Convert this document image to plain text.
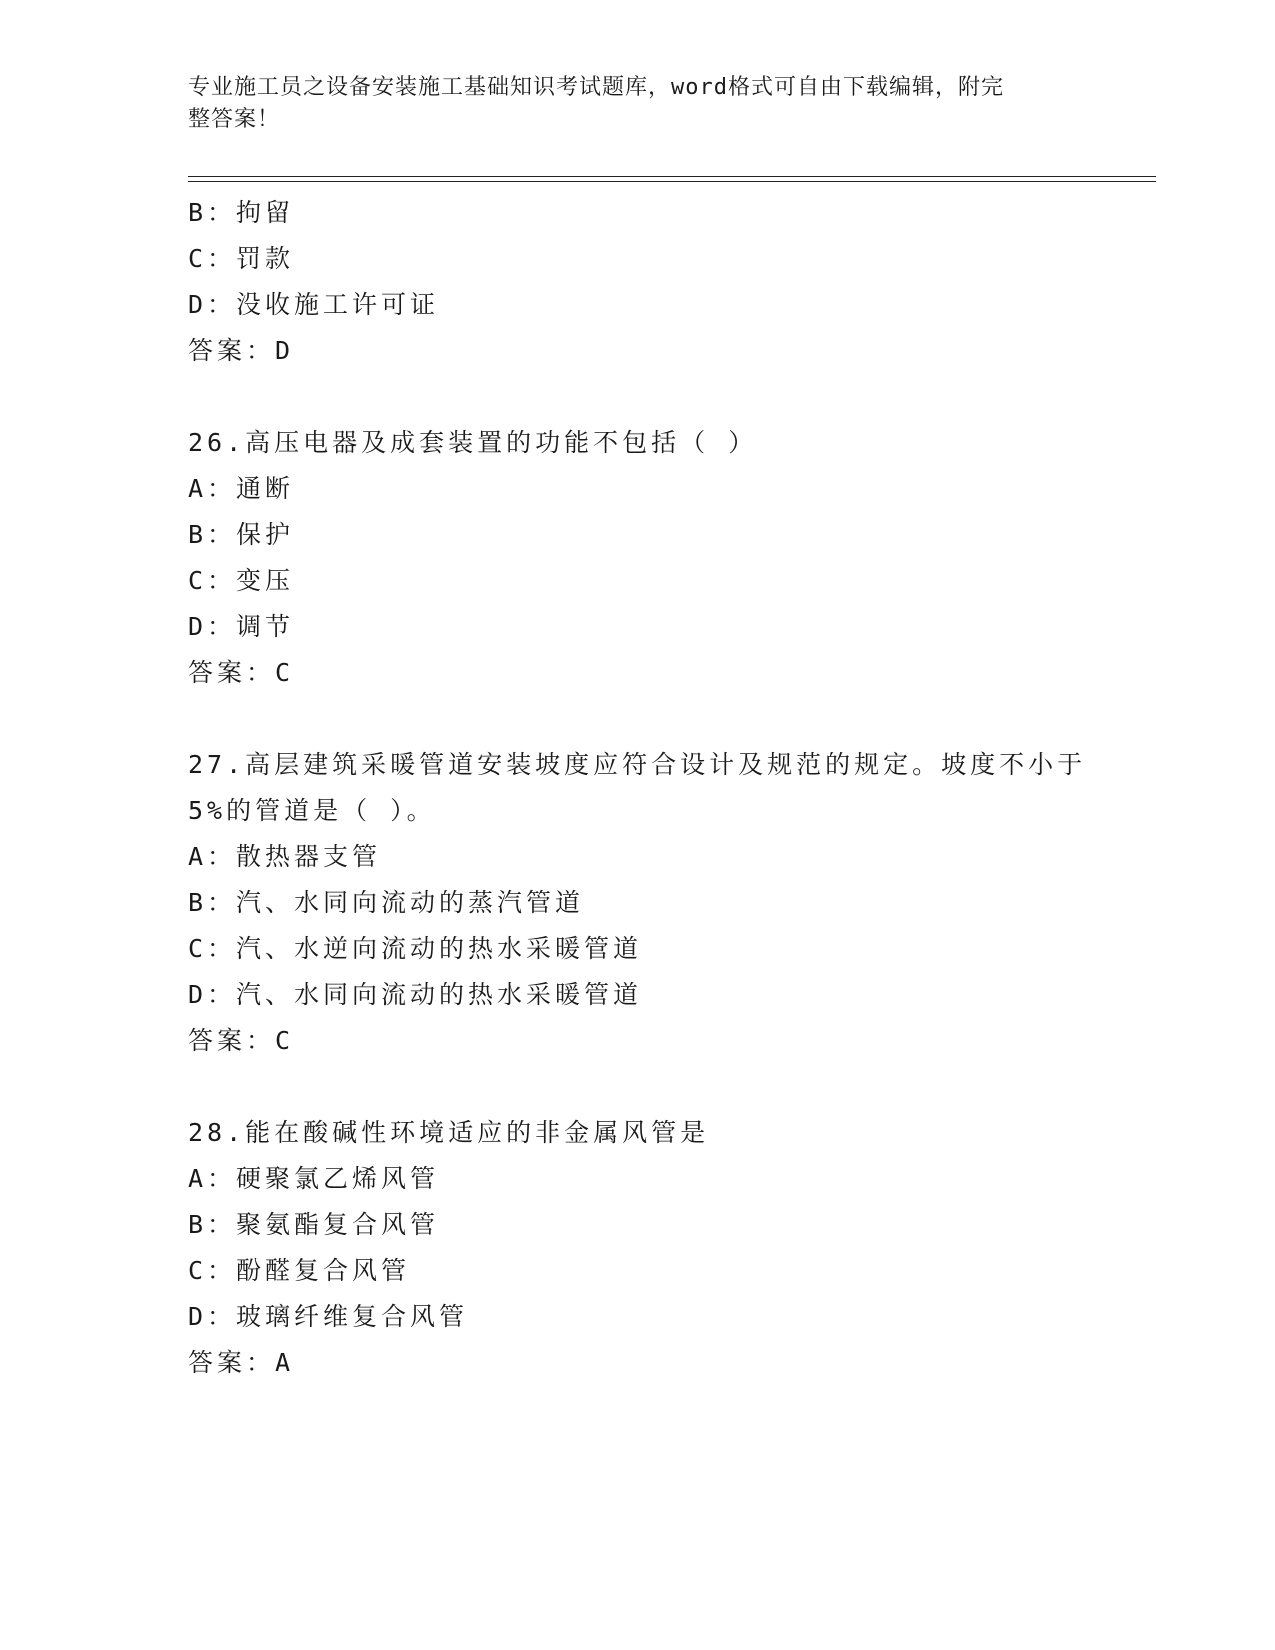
专业施工员之设备安装施工基础知识考试题库，word格式可自由下载编辑，附完
整答案！
B：拘留
C：罚款
D：没收施工许可证
答案：D
26.高压电器及成套装置的功能不包括（ ）
A：通断
B：保护
C：变压
D：调节
答案：C
27.高层建筑采暖管道安装坡度应符合设计及规范的规定。坡度不小于
5%的管道是（ ）。
A：散热器支管
B：汽、水同向流动的蒸汽管道
C：汽、水逆向流动的热水采暖管道
D：汽、水同向流动的热水采暖管道
答案：C
28.能在酸碱性环境适应的非金属风管是
A：硬聚氯乙烯风管
B：聚氨酯复合风管
C：酚醛复合风管
D：玻璃纤维复合风管
答案：A
